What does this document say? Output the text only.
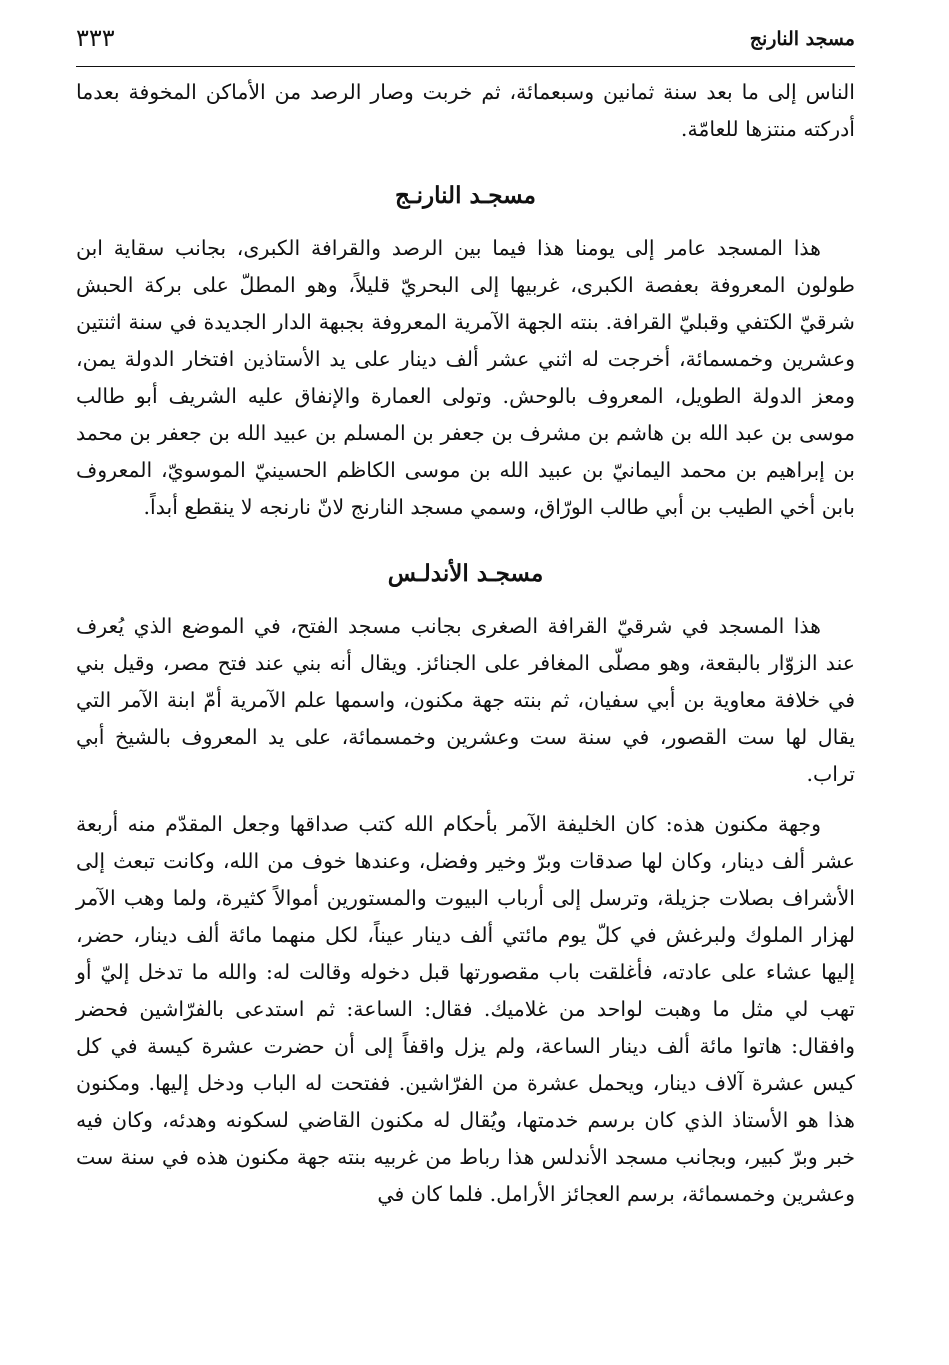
مسجد النارنج
٣٣٣

الناس إلى ما بعد سنة ثمانين وسبعمائة، ثم خربت وصار الرصد من الأماكن المخوفة بعدما أدركته منتزها للعامّة.

مسجـد النارنـج

هذا المسجد عامر إلى يومنا هذا فيما بين الرصد والقرافة الكبرى، بجانب سقاية ابن طولون المعروفة بعفصة الكبرى، غربيها إلى البحريّ قليلاً، وهو المطلّ على بركة الحبش شرقيّ الكتفي وقبليّ القرافة. بنته الجهة الآمرية المعروفة بجبهة الدار الجديدة في سنة اثنتين وعشرين وخمسمائة، أخرجت له اثني عشر ألف دينار على يد الأستاذين افتخار الدولة يمن، ومعز الدولة الطويل، المعروف بالوحش. وتولى العمارة والإنفاق عليه الشريف أبو طالب موسى بن عبد الله بن هاشم بن مشرف بن جعفر بن المسلم بن عبيد الله بن جعفر بن محمد بن إبراهيم بن محمد اليمانيّ بن عبيد الله بن موسى الكاظم الحسينيّ الموسويّ، المعروف بابن أخي الطيب بن أبي طالب الورّاق، وسمي مسجد النارنج لانّ نارنجه لا ينقطع أبداً.

مسجـد الأندلـس

هذا المسجد في شرقيّ القرافة الصغرى بجانب مسجد الفتح، في الموضع الذي يُعرف عند الزوّار بالبقعة، وهو مصلّى المغافر على الجنائز. ويقال أنه بني عند فتح مصر، وقيل بني في خلافة معاوية بن أبي سفيان، ثم بنته جهة مكنون، واسمها علم الآمرية أمّ ابنة الآمر التي يقال لها ست القصور، في سنة ست وعشرين وخمسمائة، على يد المعروف بالشيخ أبي تراب.

وجهة مكنون هذه: كان الخليفة الآمر بأحكام الله كتب صداقها وجعل المقدّم منه أربعة عشر ألف دينار، وكان لها صدقات وبرّ وخير وفضل، وعندها خوف من الله، وكانت تبعث إلى الأشراف بصلات جزيلة، وترسل إلى أرباب البيوت والمستورين أموالاً كثيرة، ولما وهب الآمر لهزار الملوك ولبرغش في كلّ يوم مائتي ألف دينار عيناً، لكل منهما مائة ألف دينار، حضر، إليها عشاء على عادته، فأغلقت باب مقصورتها قبل دخوله وقالت له: والله ما تدخل إليّ أو تهب لي مثل ما وهبت لواحد من غلاميك. فقال: الساعة: ثم استدعى بالفرّاشين فحضر وافقال: هاتوا مائة ألف دينار الساعة، ولم يزل واقفاً إلى أن حضرت عشرة كيسة في كل كيس عشرة آلاف دينار، ويحمل عشرة من الفرّاشين. ففتحت له الباب ودخل إليها. ومكنون هذا هو الأستاذ الذي كان برسم خدمتها، ويُقال له مكنون القاضي لسكونه وهدئه، وكان فيه خبر وبرّ كبير، وبجانب مسجد الأندلس هذا رباط من غربيه بنته جهة مكنون هذه في سنة ست وعشرين وخمسمائة، برسم العجائز الأرامل. فلما كان في
